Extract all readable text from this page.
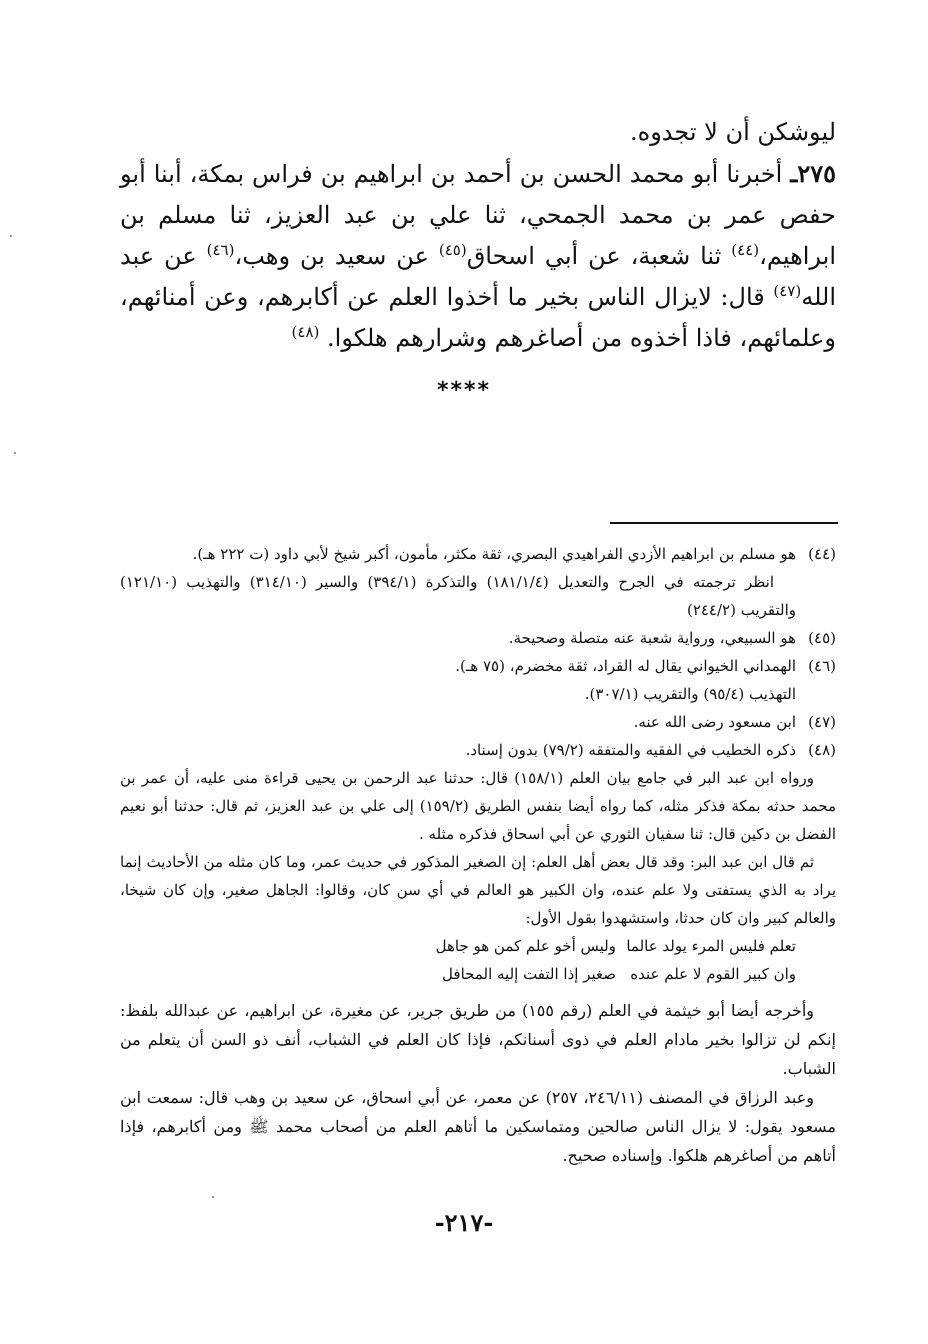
ليوشكن أن لا تجدوه.

٢٧٥ـ أخبرنا أبو محمد الحسن بن أحمد بن ابراهيم بن فراس بمكة، أبنا أبو حفص عمر بن محمد الجمحي، ثنا علي بن عبد العزيز، ثنا مسلم بن ابراهيم،$^{(٤٤)}$ ثنا شعبة، عن أبي اسحاق$^{(٤٥)}$ عن سعيد بن وهب،$^{(٤٦)}$ عن عبد الله$^{(٤٧)}$ قال: لايزال الناس بخير ما أخذوا العلم عن أكابرهم، وعن أمنائهم، وعلمائهم، فاذا أخذوه من أصاغرهم وشرارهم هلكوا. $^{(٤٨)}$

****
(٤٤)هو مسلم بن ابراهيم الأزدي الفراهيدي البصري، ثقة مكثر، مأمون، أكبر شيخ لأبي داود (ت ٢٢٢ هـ).
انظر ترجمته في الجرح والتعديل (١٨١/١/٤) والتذكرة (٣٩٤/١) والسير (٣١٤/١٠) والتهذيب (١٢١/١٠) والتقريب (٢٤٤/٢)
(٤٥)هو السبيعي، ورواية شعبة عنه متصلة وصحيحة.
(٤٦)الهمداني الخيواني يقال له القراد، ثقة مخضرم، (٧٥ هـ).
التهذيب (٩٥/٤) والتقريب (٣٠٧/١).
(٤٧)ابن مسعود رضى الله عنه.
(٤٨)ذكره الخطيب في الفقيه والمتفقه (٧٩/٢) بدون إسناد.
ورواه ابن عبد البر في جامع بيان العلم (١٥٨/١) قال: حدثنا عبد الرحمن بن يحيى قراءة منى عليه، أن عمر بن محمد حدثه بمكة فذكر مثله، كما رواه أيضا بنفس الطريق (١٥٩/٢) إلى علي بن عبد العزيز، ثم قال: حدثنا أبو نعيم الفضل بن دكين قال: ثنا سفيان الثوري عن أبي اسحاق فذكره مثله .
ثم قال ابن عبد البر: وقد قال بعض أهل العلم: إن الصغير المذكور في حديث عمر، وما كان مثله من الأحاديث إنما يراد به الذي يستفتى ولا علم عنده، وان الكبير هو العالم في أي سن كان، وقالوا: الجاهل صغير، وإن كان شيخا، والعالم كبير وان كان حدثا، واستشهدوا بقول الأول:
تعلم فليس المرء يولد عالماوليس أخو علم كمن هو جاهل
وان كبير القوم لا علم عندهصغير إذا التفت إليه المحافل
وأخرجه أيضا أبو خيثمة في العلم (رقم ١٥٥) من طريق جرير، عن مغيرة، عن ابراهيم، عن عبدالله بلفظ: إنكم لن تزالوا بخير مادام العلم في ذوى أسنانكم، فإذا كان العلم في الشباب، أنف ذو السن أن يتعلم من الشباب.
وعبد الرزاق في المصنف (٢٤٦/١١، ٢٥٧) عن معمر، عن أبي اسحاق، عن سعيد بن وهب قال: سمعت ابن مسعود يقول: لا يزال الناس صالحين ومتماسكين ما أتاهم العلم من أصحاب محمد ﷺ ومن أكابرهم، فإذا أتاهم من أصاغرهم هلكوا. وإسناده صحيح.
-٢١٧-
